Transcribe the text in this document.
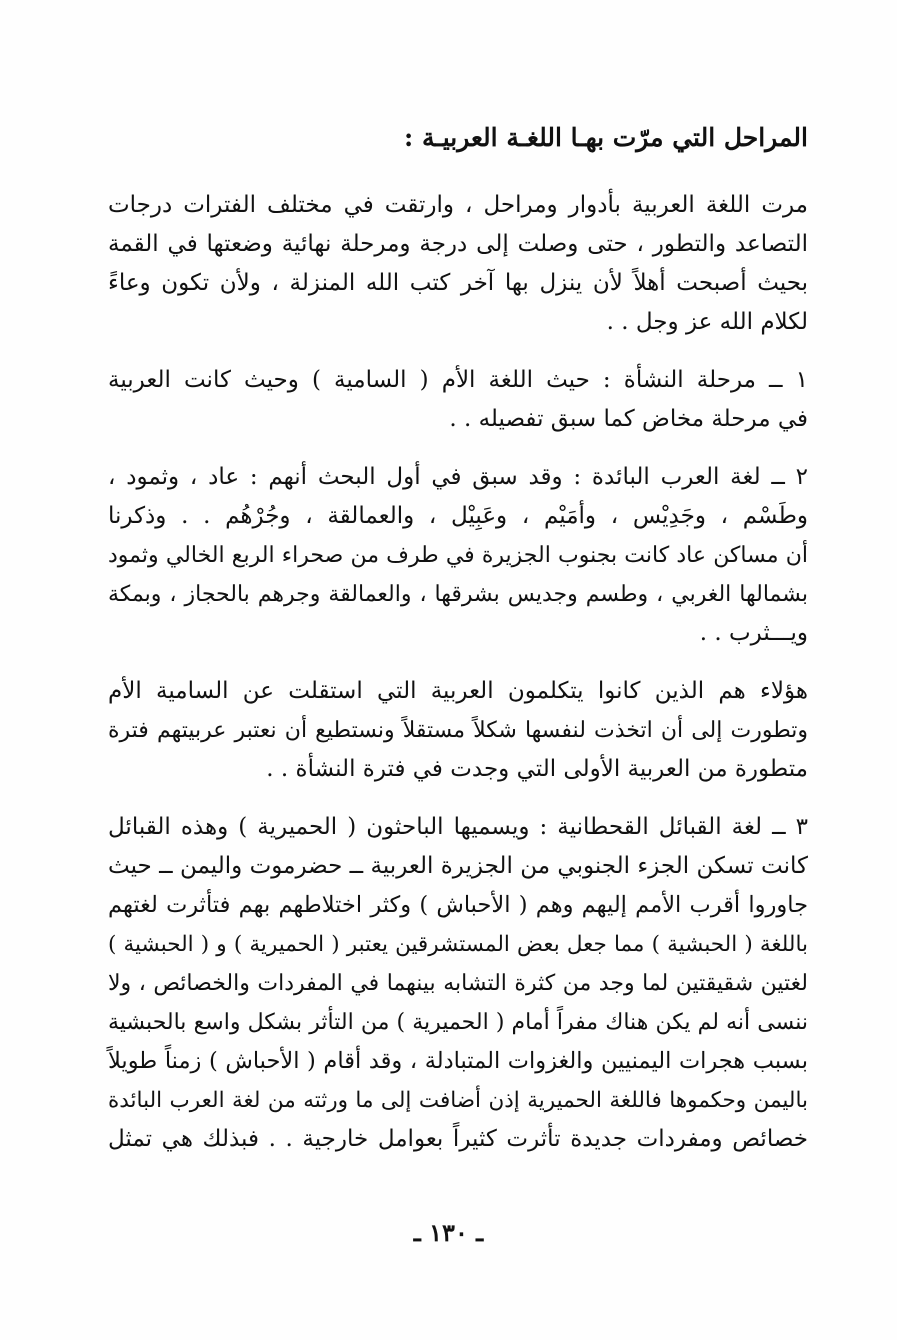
المراحل التي مرّت بهـا اللغـة العربيـة :
مرت اللغة العربية بأدوار ومراحل ، وارتقت في مختلف الفترات درجات
التصاعد والتطور ، حتى وصلت إلى درجة ومرحلة نهائية وضعتها في القمة
بحيث أصبحت أهلاً لأن ينزل بها آخر كتب الله المنزلة ، ولأن تكون وعاءً
لكلام الله عز وجل . .
١ ــ مرحلة النشأة : حيث اللغة الأم ( السامية ) وحيث كانت العربية
في مرحلة مخاض كما سبق تفصيله . .
٢ ــ لغة العرب البائدة : وقد سبق في أول البحث أنهم : عاد ، وثمود ،
وطَسْم ، وجَدِيْس ، وأمَيْم ، وعَبِيْل ، والعمالقة ، وجُرْهُم . . وذكرنا
أن مساكن عاد كانت بجنوب الجزيرة في طرف من صحراء الربع الخالي وثمود
بشمالها الغربي ، وطسم وجديس بشرقها ، والعمالقة وجرهم بالحجاز ، وبمكة
ويـــثرب . .
هؤلاء هم الذين كانوا يتكلمون العربية التي استقلت عن السامية الأم
وتطورت إلى أن اتخذت لنفسها شكلاً مستقلاً ونستطيع أن نعتبر عربيتهم فترة
متطورة من العربية الأولى التي وجدت في فترة النشأة . .
٣ ــ لغة القبائل القحطانية : ويسميها الباحثون ( الحميرية ) وهذه القبائل
كانت تسكن الجزء الجنوبي من الجزيرة العربية ــ حضرموت واليمن ــ حيث
جاوروا أقرب الأمم إليهم وهم ( الأحباش ) وكثر اختلاطهم بهم فتأثرت لغتهم
باللغة ( الحبشية ) مما جعل بعض المستشرقين يعتبر ( الحميرية ) و ( الحبشية )
لغتين شقيقتين لما وجد من كثرة التشابه بينهما في المفردات والخصائص ، ولا
ننسى أنه لم يكن هناك مفراً أمام ( الحميرية ) من التأثر بشكل واسع بالحبشية
بسبب هجرات اليمنيين والغزوات المتبادلة ، وقد أقام ( الأحباش ) زمناً طويلاً
باليمن وحكموها فاللغة الحميرية إذن أضافت إلى ما ورثته من لغة العرب البائدة
خصائص ومفردات جديدة تأثرت كثيراً بعوامل خارجية . . فبذلك هي تمثل
ـ ١٣٠ ـ
